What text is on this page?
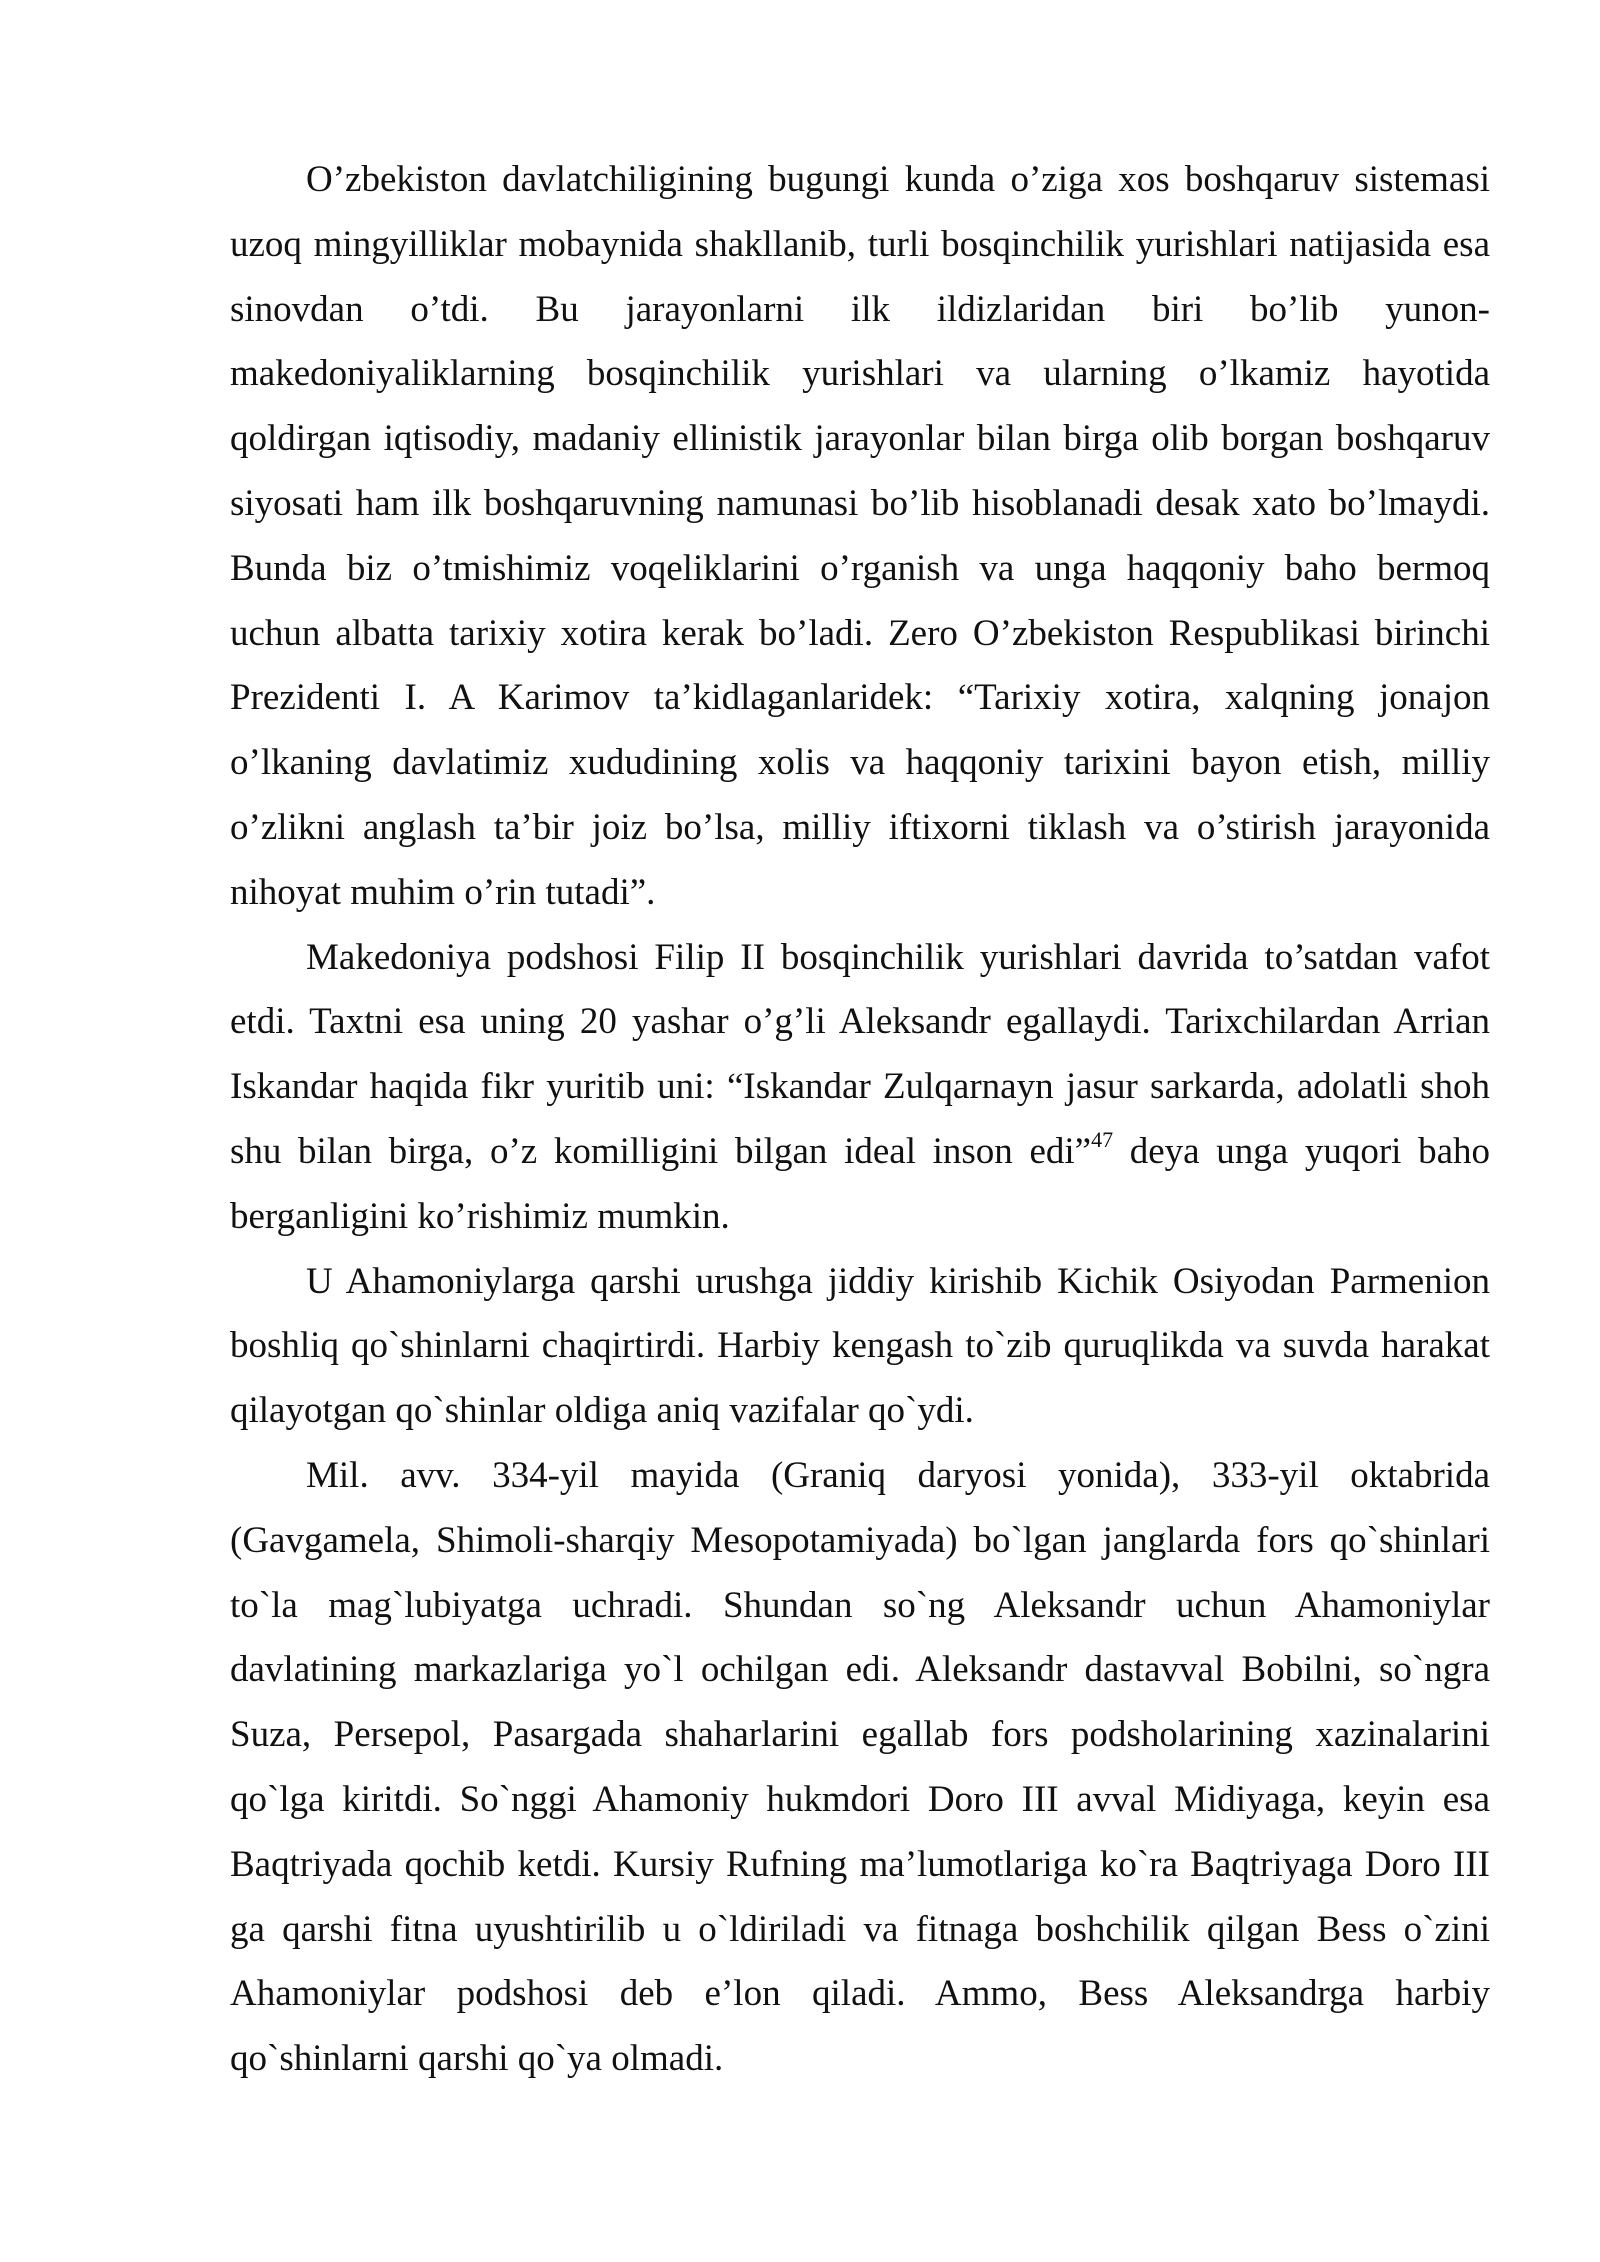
O’zbekiston davlatchiligining bugungi kunda o’ziga xos boshqaruv sistemasi uzoq mingyilliklar mobaynida shakllanib, turli bosqinchilik yurishlari natijasida esa sinovdan o’tdi. Bu jarayonlarni ilk ildizlaridan biri bo’lib yunon-makedoniyaliklarning bosqinchilik yurishlari va ularning o’lkamiz hayotida qoldirgan iqtisodiy, madaniy ellinistik jarayonlar bilan birga olib borgan boshqaruv siyosati ham ilk boshqaruvning namunasi bo’lib hisoblanadi desak xato bo’lmaydi. Bunda biz o’tmishimiz voqeliklarini o’rganish va unga haqqoniy baho bermoq uchun albatta tarixiy xotira kerak bo’ladi. Zero O’zbekiston Respublikasi birinchi Prezidenti I. A Karimov ta’kidlaganlaridek: “Tarixiy xotira, xalqning jonajon o’lkaning davlatimiz xududining xolis va haqqoniy tarixini bayon etish, milliy o’zlikni anglash ta’bir joiz bo’lsa, milliy iftixorni tiklash va o’stirish jarayonida nihoyat muhim o’rin tutadi”.

Makedoniya podshosi Filip II bosqinchilik yurishlari davrida to’satdan vafot etdi. Taxtni esa uning 20 yashar o’g’li Aleksandr egallaydi. Tarixchilardan Arrian Iskandar haqida fikr yuritib uni: “Iskandar Zulqarnayn jasur sarkarda, adolatli shoh shu bilan birga, o’z komilligini bilgan ideal inson edi”$^{47}$ deya unga yuqori baho berganligini ko’rishimiz mumkin.

U Ahamoniylarga qarshi urushga jiddiy kirishib Kichik Osiyodan Parmenion boshliq qo`shinlarni chaqirtirdi. Harbiy kengash to`zib quruqlikda va suvda harakat qilayotgan qo`shinlar oldiga aniq vazifalar qo`ydi.

Mil. avv. 334-yil mayida (Graniq daryosi yonida), 333-yil oktabrida (Gavgamela, Shimoli-sharqiy Mesopotamiyada) bo`lgan janglarda fors qo`shinlari to`la mag`lubiyatga uchradi. Shundan so`ng Aleksandr uchun Ahamoniylar davlatining markazlariga yo`l ochilgan edi. Aleksandr dastavval Bobilni, so`ngra Suza, Persepol, Pasargada shaharlarini egallab fors podsholarining xazinalarini qo`lga kiritdi. So`nggi Ahamoniy hukmdori Doro III avval Midiyaga, keyin esa Baqtriyada qochib ketdi. Kursiy Rufning ma’lumotlariga ko`ra Baqtriyaga Doro III ga qarshi fitna uyushtirilib u o`ldiriladi va fitnaga boshchilik qilgan Bess o`zini Ahamoniylar podshosi deb e’lon qiladi. Ammo, Bess Aleksandrga harbiy qo`shinlarni qarshi qo`ya olmadi.
